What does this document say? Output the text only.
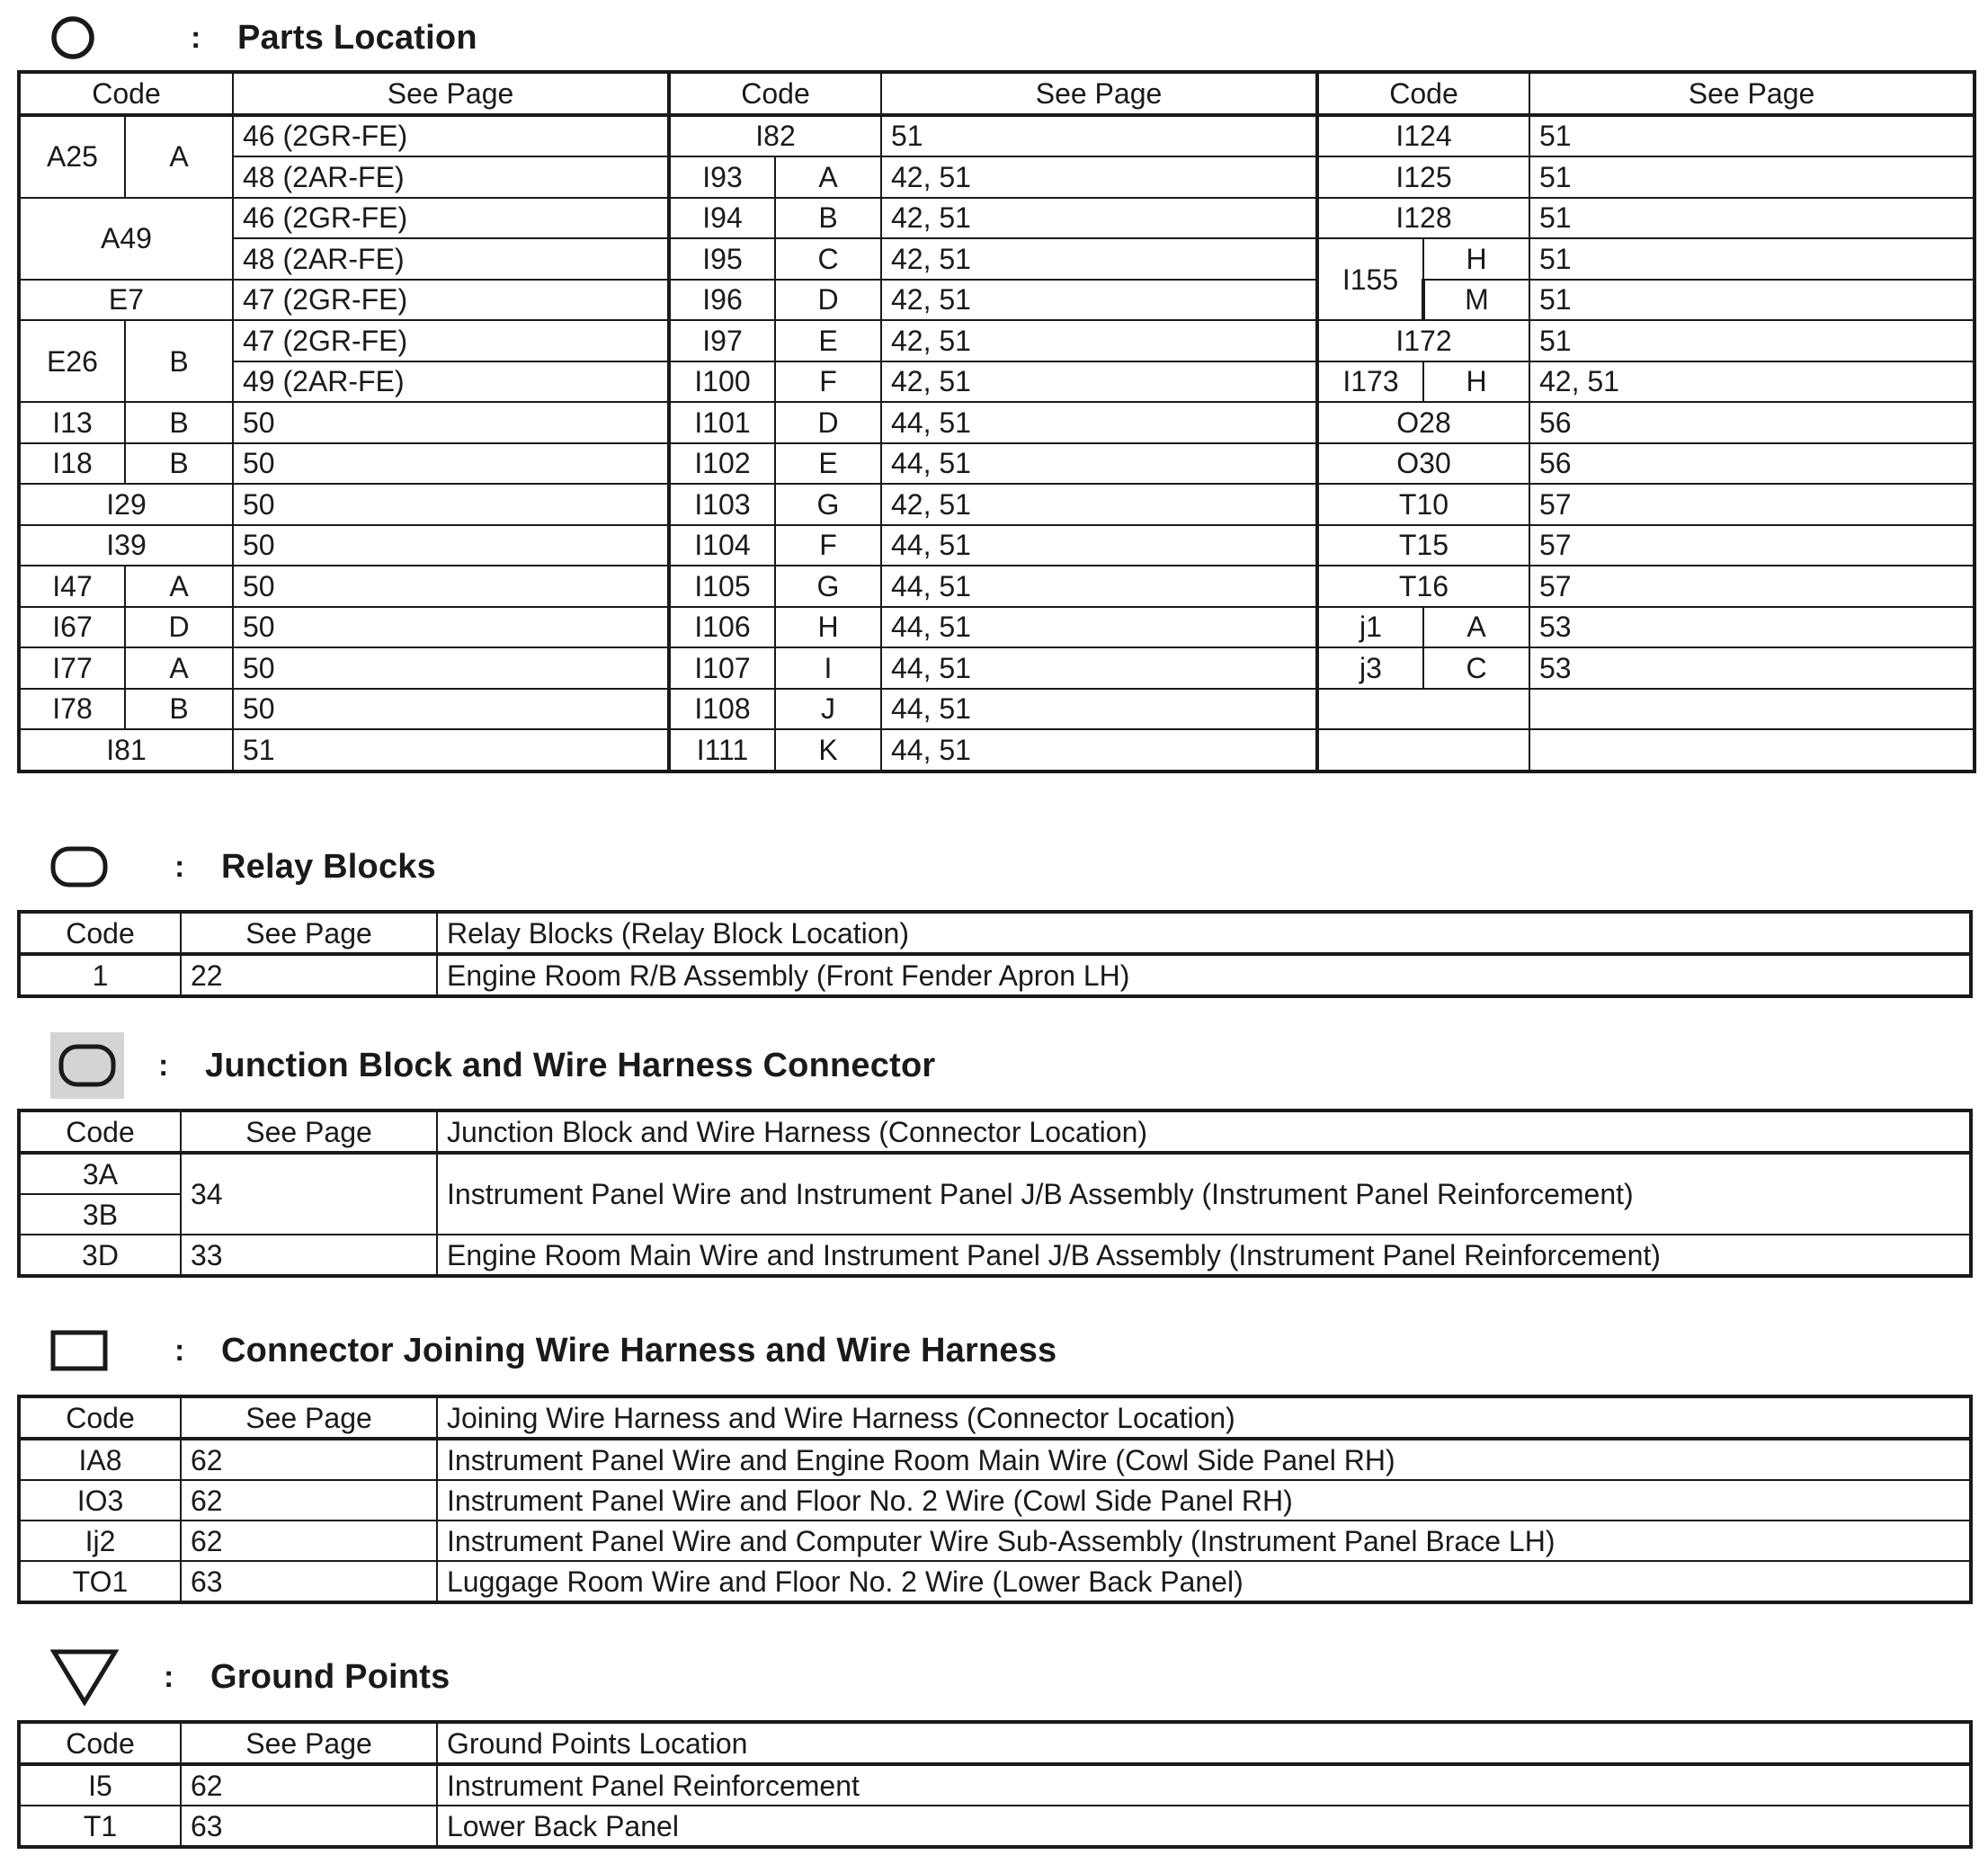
:	Parts Location
Code		See Page	Code		See Page	Code		See Page
A25	A	46 (2GR-FE)	I82		51	I124		51
		48 (2AR-FE)	I93	A	42, 51	I125		51
A49		46 (2GR-FE)	I94	B	42, 51	I128		51
		48 (2AR-FE)	I95	C	42, 51	I155	H	51
E7		47 (2GR-FE)	I96	D	42, 51		M	51
E26	B	47 (2GR-FE)	I97	E	42, 51	I172		51
		49 (2AR-FE)	I100	F	42, 51	I173	H	42, 51
I13	B	50	I101	D	44, 51	O28		56
I18	B	50	I102	E	44, 51	O30		56
I29		50	I103	G	42, 51	T10		57
I39		50	I104	F	44, 51	T15		57
I47	A	50	I105	G	44, 51	T16		57
I67	D	50	I106	H	44, 51	j1	A	53
I77	A	50	I107	I	44, 51	j3	C	53
I78	B	50	I108	J	44, 51			
I81		51	I111	K	44, 51			
:	Relay Blocks
Code	See Page	Relay Blocks (Relay Block Location)
1	22	Engine Room R/B Assembly (Front Fender Apron LH)
:	Junction Block and Wire Harness Connector
Code	See Page	Junction Block and Wire Harness (Connector Location)
3A	34	Instrument Panel Wire and Instrument Panel J/B Assembly (Instrument Panel Reinforcement)
3B		
3D	33	Engine Room Main Wire and Instrument Panel J/B Assembly (Instrument Panel Reinforcement)
:	Connector Joining Wire Harness and Wire Harness
Code	See Page	Joining Wire Harness and Wire Harness (Connector Location)
IA8	62	Instrument Panel Wire and Engine Room Main Wire (Cowl Side Panel RH)
IO3	62	Instrument Panel Wire and Floor No. 2 Wire (Cowl Side Panel RH)
Ij2	62	Instrument Panel Wire and Computer Wire Sub-Assembly (Instrument Panel Brace LH)
TO1	63	Luggage Room Wire and Floor No. 2 Wire (Lower Back Panel)
:	Ground Points
Code	See Page	Ground Points Location
I5	62	Instrument Panel Reinforcement
T1	63	Lower Back Panel
